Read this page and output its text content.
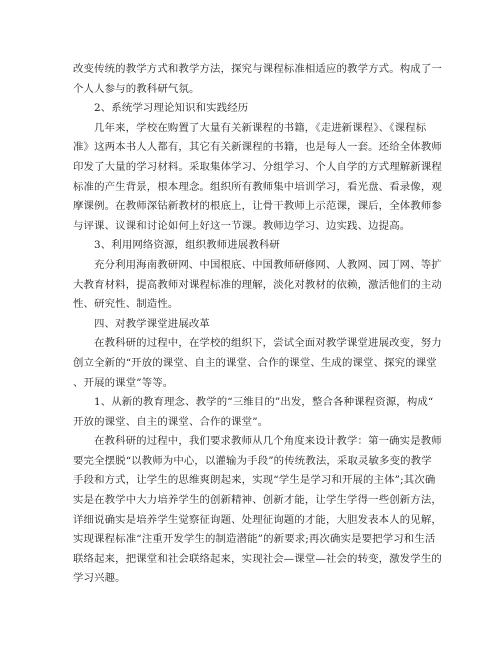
改变传统的教学方式和教学方法，探究与课程标准相适应的教学方式。构成了一
个人人参与的教科研气氛。
2、系统学习理论知识和实践经历
几年来，学校在购置了大量有关新课程的书籍，《走进新课程》、《课程标
准》这两本书人人都有，其它有关新课程的书籍，也是每人一套。还给全体教师
印发了大量的学习材料。采取集体学习、分组学习、个人自学的方式理解新课程
标准的产生背景，根本理念。组织所有教师集中培训学习，看光盘、看录像，观
摩课例。在教师深钻新教材的根底上，让骨干教师上示范课，课后，全体教师参
与评课、议课和讨论如何上好这一节课。教师边学习、边实践、边提高。
3、利用网络资源，组织教师进展教科研
充分利用海南教研网、中国根底、中国教师研修网、人教网、园丁网、等扩
大教育材料，提高教师对课程标准的理解，淡化对教材的依赖，激活他们的主动
性、研究性、制造性。
四、对教学课堂进展改革
在教科研的过程中，在学校的组织下，尝试全面对教学课堂进展改变，努力
创立全新的“开放的课堂、自主的课堂、合作的课堂、生成的课堂、探究的课堂
、开展的课堂”等等。
1、从新的教育理念、教学的“三维目的”出发，整合各种课程资源，构成“
开放的课堂、自主的课堂、合作的课堂”。
在教科研的过程中，我们要求教师从几个角度来设计教学：第一确实是教师
要完全摆脱“以教师为中心，以灌输为手段”的传统教法，采取灵敏多变的教学
手段和方式，让学生的思维爽朗起来，实现“学生是学习和开展的主体”;其次确
实是在教学中大力培养学生的创新精神、创新才能，让学生学得一些创新方法，
详细说确实是培养学生觉察征询题、处理征询题的才能，大胆发表本人的见解，
实现课程标准“注重开发学生的制造潜能”的新要求;再次确实是要把学习和生活
联络起来，把课堂和社会联络起来，实现社会—课堂—社会的转变，激发学生的
学习兴趣。
